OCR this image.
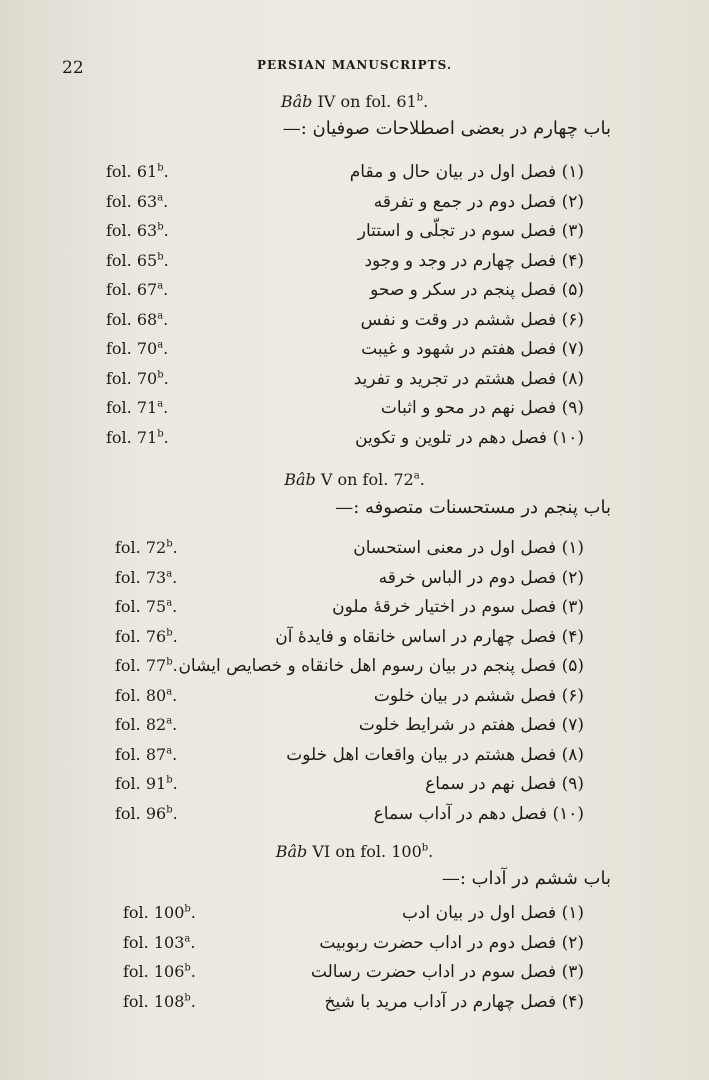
22	PERSIAN MANUSCRIPTS.
Bâb IV on fol. 61$^b$.
باب چهارم در بعضی اصطلاحات صوفیان :—
fol. 61$^b$.	(۱) فصل اول در بیان حال و مقام
fol. 63$^a$.	(۲) فصل دوم در جمع و تفرقه
fol. 63$^b$.	(۳) فصل سوم در تجلّی و استتار
fol. 65$^b$.	(۴) فصل چهارم در وجد و وجود
fol. 67$^a$.	(۵) فصل پنجم در سکر و صحو
fol. 68$^a$.	(۶) فصل ششم در وقت و نفس
fol. 70$^a$.	(۷) فصل هفتم در شهود و غیبت
fol. 70$^b$.	(۸) فصل هشتم در تجرید و تفرید
fol. 71$^a$.	(۹) فصل نهم در محو و اثبات
fol. 71$^b$.	(۱۰) فصل دهم در تلوین و تکوین
Bâb V on fol. 72$^a$.
باب پنجم در مستحسنات متصوفه :—
fol. 72$^b$.	(۱) فصل اول در معنی استحسان
fol. 73$^a$.	(۲) فصل دوم در الباس خرقه
fol. 75$^a$.	(۳) فصل سوم در اختیار خرقهٔ ملون
fol. 76$^b$.	(۴) فصل چهارم در اساس خانقاه و فایدهٔ آن
fol. 77$^b$. (۵) فصل پنجم در بیان رسوم اهل خانقاه و خصایص ایشان
fol. 80$^a$.	(۶) فصل ششم در بیان خلوت
fol. 82$^a$.	(۷) فصل هفتم در شرایط خلوت
fol. 87$^a$.	(۸) فصل هشتم در بیان واقعات اهل خلوت
fol. 91$^b$.	(۹) فصل نهم در سماع
fol. 96$^b$.	(۱۰) فصل دهم در آداب سماع
Bâb VI on fol. 100$^b$.
باب ششم در آداب :—
fol. 100$^b$.	(۱) فصل اول در بیان ادب
fol. 103$^a$.	(۲) فصل دوم در اداب حضرت ربوبیت
fol. 106$^b$.	(۳) فصل سوم در اداب حضرت رسالت
fol. 108$^b$.	(۴) فصل چهارم در آداب مرید با شیخ
